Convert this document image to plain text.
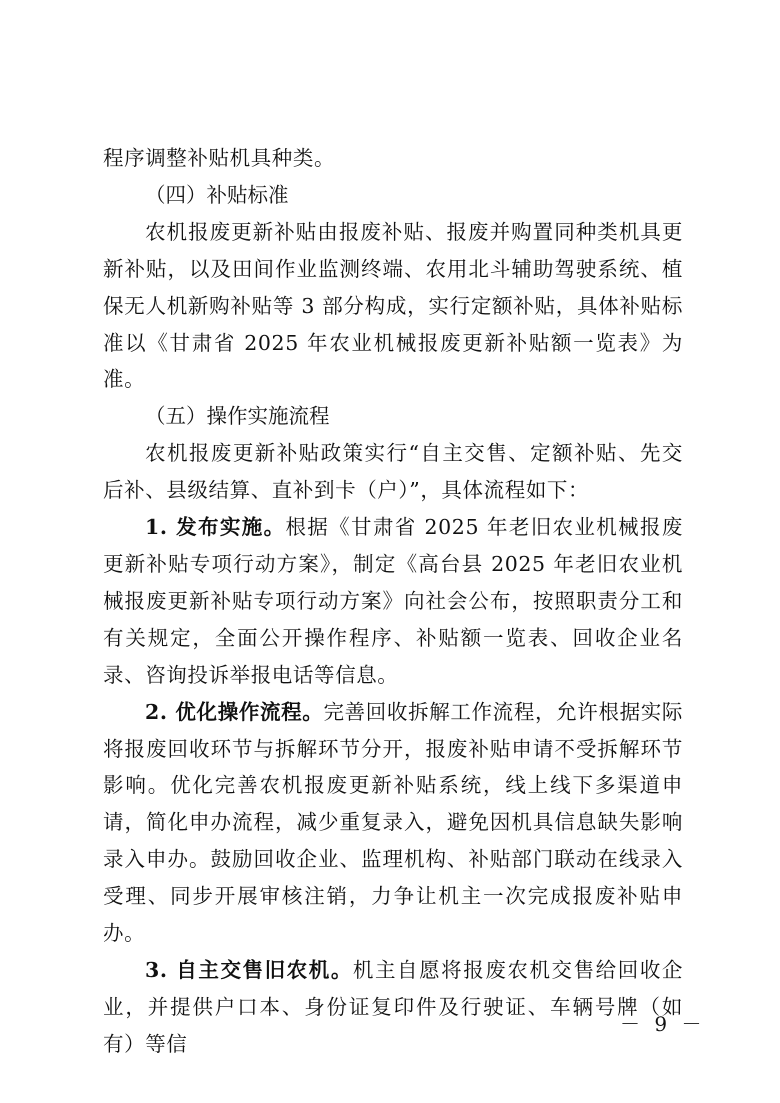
程序调整补贴机具种类。

（四）补贴标准

农机报废更新补贴由报废补贴、报废并购置同种类机具更新补贴，以及田间作业监测终端、农用北斗辅助驾驶系统、植保无人机新购补贴等 3 部分构成，实行定额补贴，具体补贴标准以《甘肃省 2025 年农业机械报废更新补贴额一览表》为准。

（五）操作实施流程

农机报废更新补贴政策实行“自主交售、定额补贴、先交后补、县级结算、直补到卡（户）”，具体流程如下：

1. 发布实施。根据《甘肃省 2025 年老旧农业机械报废更新补贴专项行动方案》，制定《高台县 2025 年老旧农业机械报废更新补贴专项行动方案》向社会公布，按照职责分工和有关规定，全面公开操作程序、补贴额一览表、回收企业名录、咨询投诉举报电话等信息。

2. 优化操作流程。完善回收拆解工作流程，允许根据实际将报废回收环节与拆解环节分开，报废补贴申请不受拆解环节影响。优化完善农机报废更新补贴系统，线上线下多渠道申请，简化申办流程，减少重复录入，避免因机具信息缺失影响录入申办。鼓励回收企业、监理机构、补贴部门联动在线录入受理、同步开展审核注销，力争让机主一次完成报废补贴申办。

3. 自主交售旧农机。机主自愿将报废农机交售给回收企业，并提供户口本、身份证复印件及行驶证、车辆号牌（如有）等信

－ 9 －
